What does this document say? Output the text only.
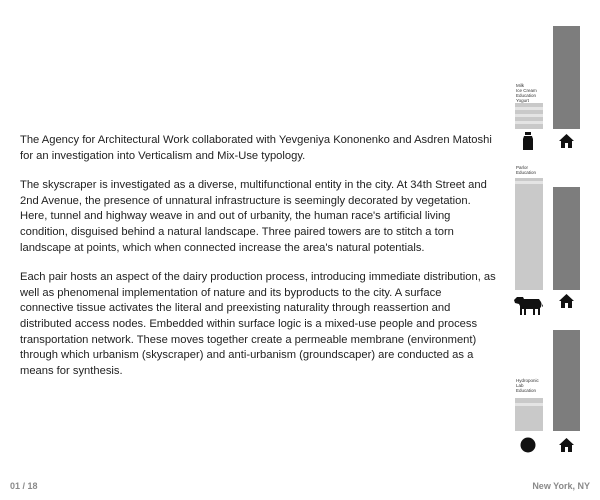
The Agency for Architectural Work collaborated with Yevgeniya Kononenko and Asdren Matoshi for an investigation into Verticalism and Mix-Use typology.

The skyscraper is investigated as a diverse, multifunctional entity in the city. At 34th Street and 2nd Avenue, the presence of unnatural infrastructure is seemingly decorated by vegetation. Here, tunnel and highway weave in and out of urbanity, the human race's artificial living condition, disguised behind a natural landscape. Three paired towers are to stitch a torn landscape at points, which when connected increase the area's natural potentials.

Each pair hosts an aspect of the dairy production process, introducing immediate distribution, as well as phenomenal implementation of nature and its byproducts to the city. A surface connective tissue activates the literal and preexisting naturality through reassertion and distributed access nodes. Embedded within surface logic is a mixed-use people and process transportation network. These moves together create a permeable membrane (environment) through which urbanism (skyscraper) and anti-urbanism (groundscaper) are conducted as a means for synthesis.

Milk
Ice Cream
Education
Yogurt
Parlor
Education
Hydroponic
Lab
Education
01 / 18	New York, NY
